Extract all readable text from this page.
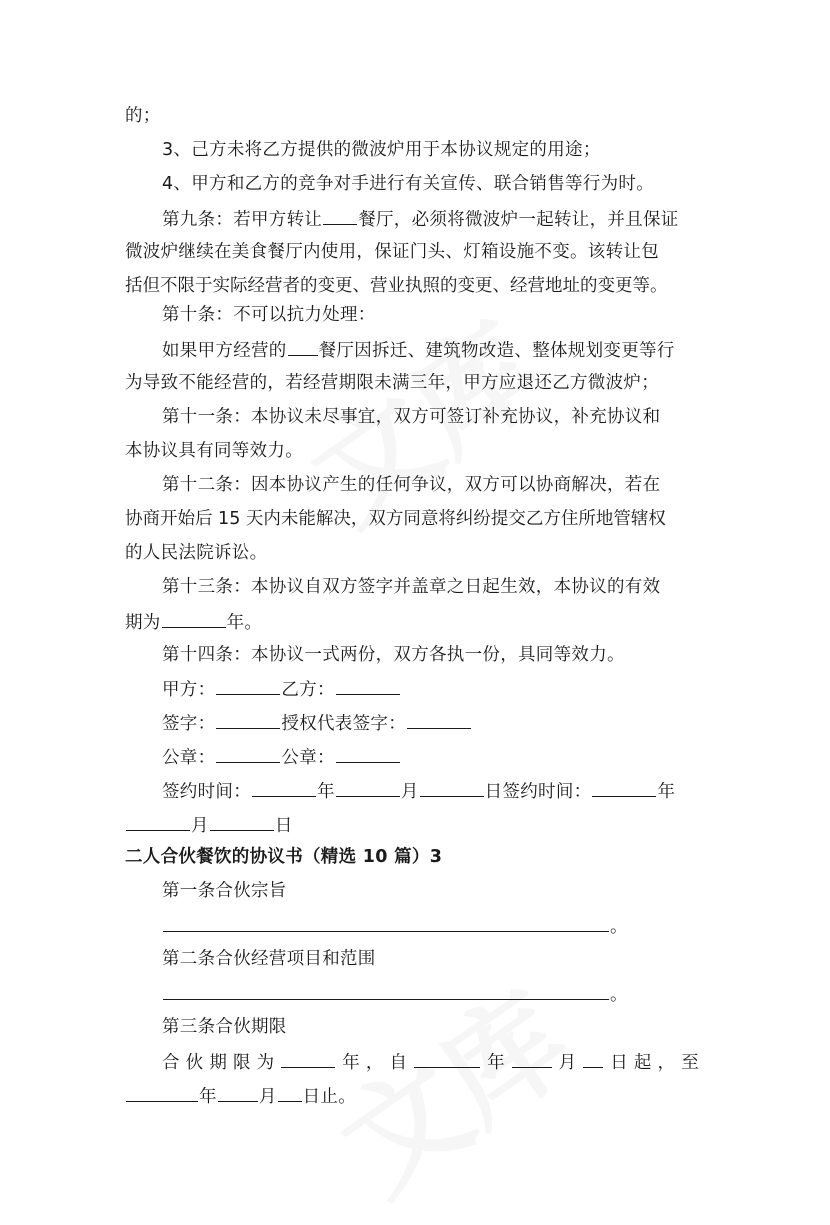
的；
3、己方未将乙方提供的微波炉用于本协议规定的用途；
4、甲方和乙方的竞争对手进行有关宣传、联合销售等行为时。
第九条：若甲方转让 餐厅，必须将微波炉一起转让，并且保证
微波炉继续在美食餐厅内使用，保证门头、灯箱设施不变。该转让包
括但不限于实际经营者的变更、营业执照的变更、经营地址的变更等。
第十条：不可以抗力处理：
如果甲方经营的 餐厅因拆迁、建筑物改造、整体规划变更等行
为导致不能经营的，若经营期限未满三年，甲方应退还乙方微波炉；
第十一条：本协议未尽事宜，双方可签订补充协议，补充协议和
本协议具有同等效力。
第十二条：因本协议产生的任何争议，双方可以协商解决，若在
协商开始后 15 天内未能解决，双方同意将纠纷提交乙方住所地管辖权
的人民法院诉讼。
第十三条：本协议自双方签字并盖章之日起生效，本协议的有效
期为	年。
第十四条：本协议一式两份，双方各执一份，具同等效力。
甲方：	乙方：
签字：	授权代表签字：
公章：	公章：
签约时间：	年	月	日签约时间：	年
月	日
二人合伙餐饮的协议书（精选 10 篇）3
第一条合伙宗旨
。
第二条合伙经营项目和范围
。
第三条合伙期限
合 伙 期 限 为	年 ， 自	年	月 日 起 ， 至
年 月 日止。
